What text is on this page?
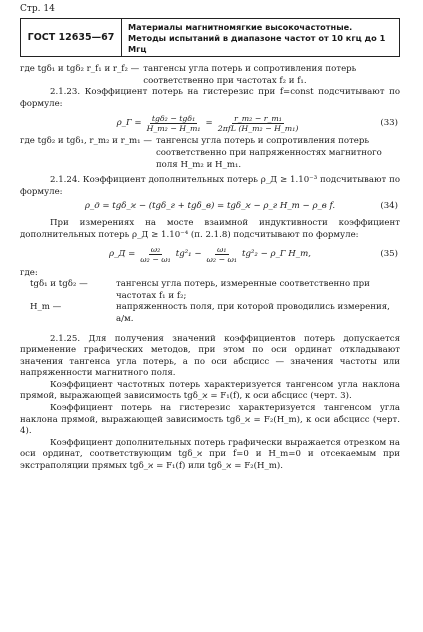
Стр. 14
ГОСТ 12635—67
Материалы магнитномягкие высокочастотные. Методы испытаний в диапазоне частот от 10 кгц до 1 Мгц
где tgδ₁ и tgδ₂ r_f₁ и r_f₂ — тангенсы угла потерь и сопротивления потерь соответственно при частотах f₂ и f₁.

2.1.23. Коэффициент потерь на гистерезис при f=const подсчитывают по формуле:

ρ_Г = $\frac{\text{tgδ₂ − tgδ₁}}{\text{H\_m₂ − H\_m₁}} = \frac{\text{r\_m₂ − r\_m₁}}{\text{2πfL (H\_m₂ − H\_m₁)}}$	(33)
где tgδ₂ и tgδ₁, r_m₂ и r_m₁ — тангенсы угла потерь и сопротивления потерь соответственно при напряженностях магнитного поля H_m₂ и H_m₁.

2.1.24. Коэффициент дополнительных потерь ρ_Д ≥ 1.10⁻³ подсчитывают по формуле:

ρ_д = tgδ_ϰ − (tgδ_г + tgδ_в) = tgδ_ϰ − ρ_г H_m − ρ_в f.	(34)

При измерениях на мосте взаимной индуктивности коэффициент дополнительных потерь ρ_Д ≥ 1.10⁻⁴ (п. 2.1.8) подсчитывают по формуле:

ρ_Д = $\frac{\text{ω₂}}{\text{ω₂ − ω₁}} tg^2_1 - \frac{\text{ω₁}}{\text{ω₂ − ω₁}} tg^2_2$ − ρ_Г H_m,	(35)

где:

tgδ₁ и tgδ₂ —	тангенсы угла потерь, измеренные соответственно при частотах f₁ и f₂;
H_m —	напряженность поля, при которой проводились измерения, а/м.

2.1.25. Для получения значений коэффициентов потерь допускается применение графических методов, при этом по оси ординат откладывают значения тангенса угла потерь, а по оси абсцисс — значения частоты или напряженности магнитного поля.

Коэффициент частотных потерь характеризуется тангенсом угла наклона прямой, выражающей зависимость tgδ_ϰ = F₁(f), к оси абсцисс (черт. 3).

Коэффициент потерь на гистерезис характеризуется тангенсом угла наклона прямой, выражающей зависимость tgδ_ϰ = F₂(H_m), к оси абсцисс (черт. 4).

Коэффициент дополнительных потерь графически выражается отрезком на оси ординат, соответствующим tgδ_ϰ при f=0 и H_m=0 и отсекаемым при экстраполяции прямых tgδ_ϰ = F₁(f) или tgδ_ϰ = F₂(H_m).
